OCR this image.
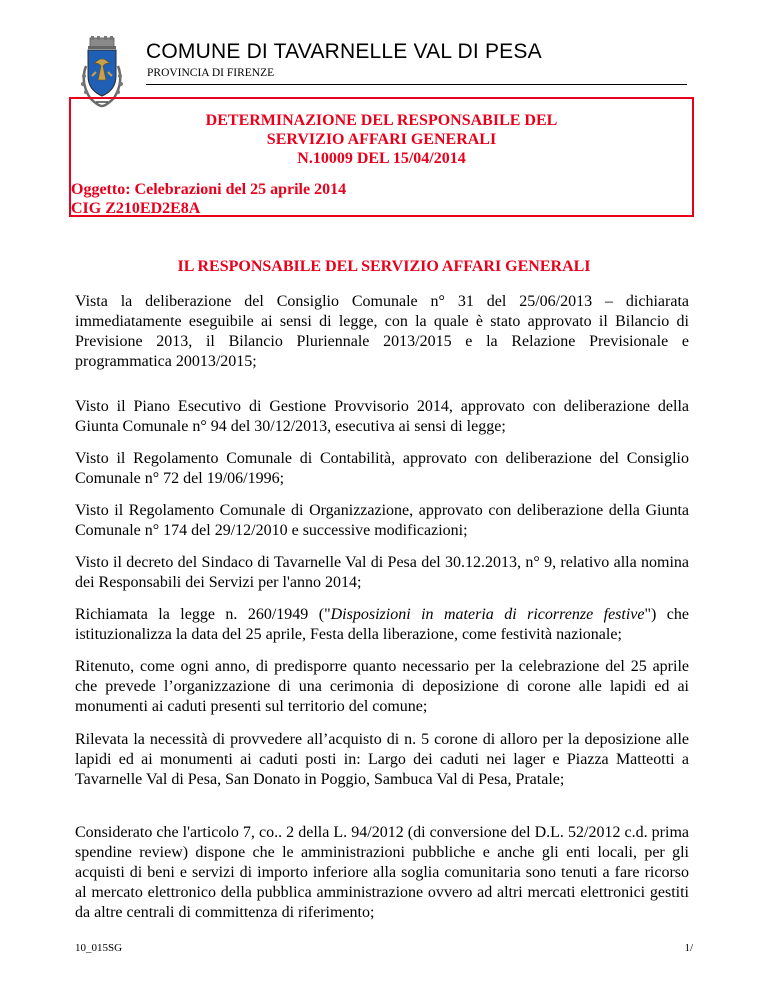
COMUNE DI TAVARNELLE VAL DI PESA
PROVINCIA DI FIRENZE
DETERMINAZIONE DEL RESPONSABILE DEL
SERVIZIO AFFARI GENERALI
N.10009 DEL 15/04/2014
Oggetto: Celebrazioni del 25 aprile 2014
CIG Z210ED2E8A
IL RESPONSABILE DEL SERVIZIO AFFARI GENERALI
Vista la deliberazione del Consiglio Comunale n° 31 del 25/06/2013 – dichiarata immediatamente eseguibile ai sensi di legge, con la quale è stato approvato il Bilancio di Previsione 2013, il Bilancio Pluriennale 2013/2015 e la Relazione Previsionale e programmatica 20013/2015;
Visto il Piano Esecutivo di Gestione Provvisorio 2014, approvato con deliberazione della Giunta Comunale n° 94 del 30/12/2013, esecutiva ai sensi di legge;
Visto il Regolamento Comunale di Contabilità, approvato con deliberazione del Consiglio Comunale n° 72 del 19/06/1996;
Visto il Regolamento Comunale di Organizzazione, approvato con deliberazione della Giunta Comunale n° 174 del 29/12/2010 e successive modificazioni;
Visto il decreto del Sindaco di Tavarnelle Val di Pesa del 30.12.2013, n° 9, relativo alla nomina dei Responsabili dei Servizi per l'anno 2014;
Richiamata la legge n. 260/1949 ("Disposizioni in materia di ricorrenze festive") che istituzionalizza la data del 25 aprile, Festa della liberazione, come festività nazionale;
Ritenuto, come ogni anno, di predisporre quanto necessario per la celebrazione del 25 aprile che prevede l’organizzazione di una cerimonia di deposizione di corone alle lapidi ed ai monumenti ai caduti presenti sul territorio del comune;
Rilevata la necessità di provvedere all’acquisto di n. 5 corone di alloro per la deposizione alle lapidi ed ai monumenti ai caduti posti in: Largo dei caduti nei lager e Piazza Matteotti a Tavarnelle Val di Pesa, San Donato in Poggio, Sambuca Val di Pesa, Pratale;
Considerato che l'articolo 7, co.. 2 della L. 94/2012 (di conversione del D.L. 52/2012 c.d. prima spendine review) dispone che le amministrazioni pubbliche e anche gli enti locali, per gli acquisti di beni e servizi di importo inferiore alla soglia comunitaria sono tenuti a fare ricorso al mercato elettronico della pubblica amministrazione ovvero ad altri mercati elettronici gestiti da altre centrali di committenza di riferimento;
10_015SG	1/
